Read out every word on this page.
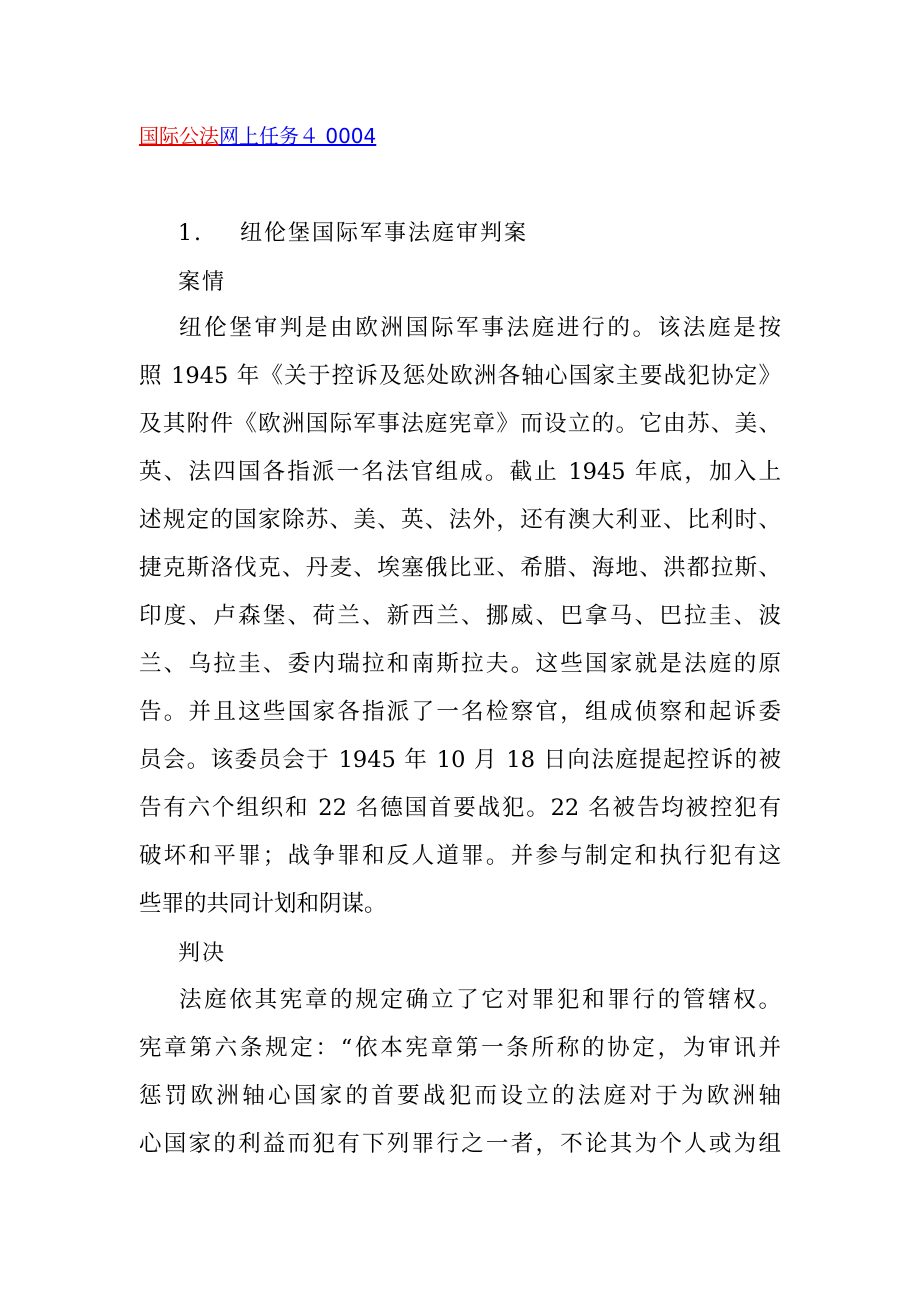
国际公法网上任务４ 0004
1. 纽伦堡国际军事法庭审判案
案情
纽伦堡审判是由欧洲国际军事法庭进行的。该法庭是按
照 1945 年《关于控诉及惩处欧洲各轴心国家主要战犯协定》
及其附件《欧洲国际军事法庭宪章》而设立的。它由苏、美、
英、法四国各指派一名法官组成。截止 1945 年底，加入上
述规定的国家除苏、美、英、法外，还有澳大利亚、比利时、
捷克斯洛伐克、丹麦、埃塞俄比亚、希腊、海地、洪都拉斯、
印度、卢森堡、荷兰、新西兰、挪威、巴拿马、巴拉圭、波
兰、乌拉圭、委内瑞拉和南斯拉夫。这些国家就是法庭的原
告。并且这些国家各指派了一名检察官，组成侦察和起诉委
员会。该委员会于 1945 年 10 月 18 日向法庭提起控诉的被
告有六个组织和 22 名德国首要战犯。22 名被告均被控犯有
破坏和平罪；战争罪和反人道罪。并参与制定和执行犯有这
些罪的共同计划和阴谋。
判决
法庭依其宪章的规定确立了它对罪犯和罪行的管辖权。
宪章第六条规定：“依本宪章第一条所称的协定，为审讯并
惩罚欧洲轴心国家的首要战犯而设立的法庭对于为欧洲轴
心国家的利益而犯有下列罪行之一者，不论其为个人或为组
